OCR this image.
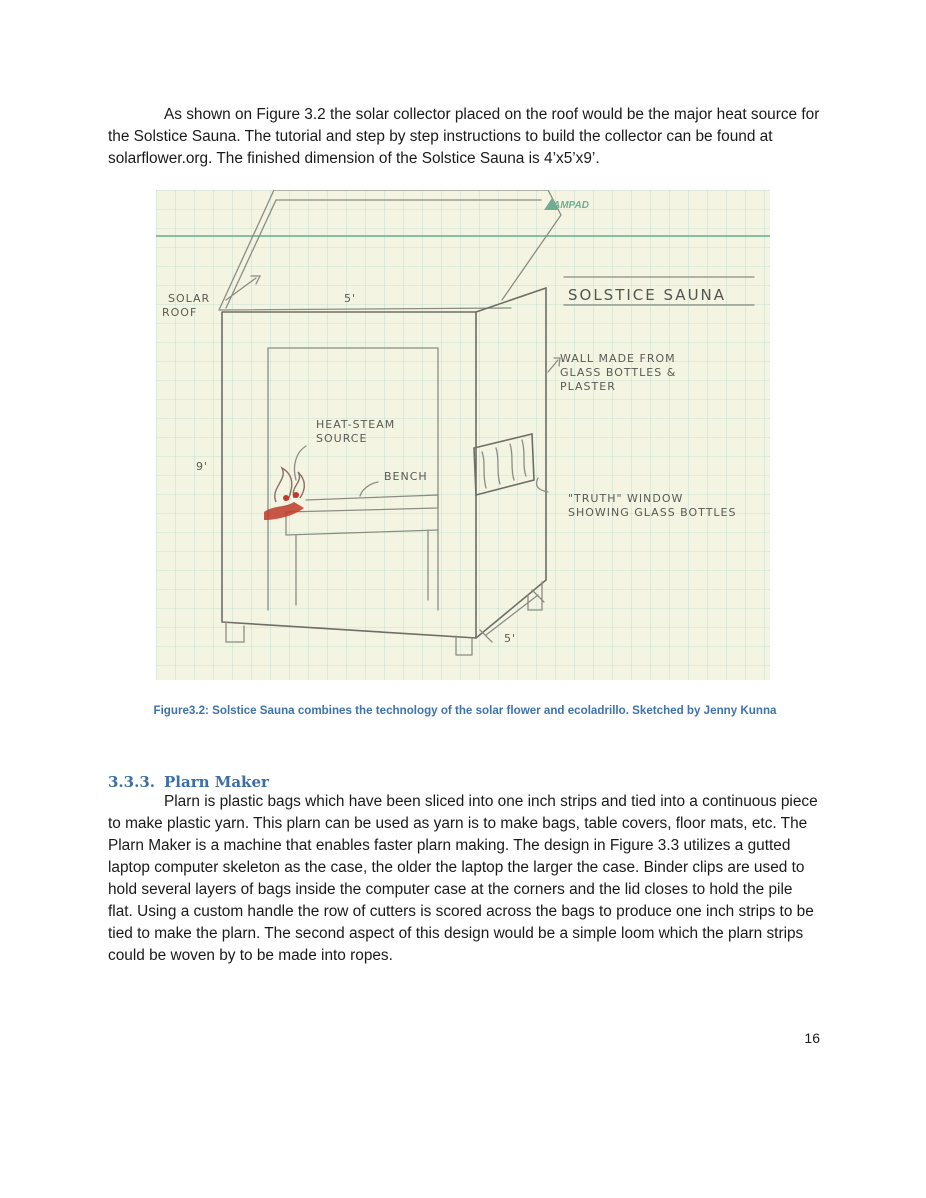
As shown on Figure 3.2 the solar collector placed on the roof would be the major heat source for the Solstice Sauna. The tutorial and step by step instructions to build the collector can be found at solarflower.org. The finished dimension of the Solstice Sauna is 4’x5’x9’.

AMPAD
SOLAR
ROOF
5'
9'
5'
HEAT-STEAM
SOURCE
BENCH
WALL MADE FROM
GLASS BOTTLES &
PLASTER
"TRUTH" WINDOW
SHOWING GLASS BOTTLES
SOLSTICE SAUNA

Figure3.2: Solstice Sauna combines the technology of the solar flower and ecoladrillo. Sketched by Jenny Kunna

3.3.3. Plarn Maker

Plarn is plastic bags which have been sliced into one inch strips and tied into a continuous piece to make plastic yarn. This plarn can be used as yarn is to make bags, table covers, floor mats, etc. The Plarn Maker is a machine that enables faster plarn making. The design in Figure 3.3 utilizes a gutted laptop computer skeleton as the case, the older the laptop the larger the case. Binder clips are used to hold several layers of bags inside the computer case at the corners and the lid closes to hold the pile flat. Using a custom handle the row of cutters is scored across the bags to produce one inch strips to be tied to make the plarn. The second aspect of this design would be a simple loom which the plarn strips could be woven by to be made into ropes.

16
